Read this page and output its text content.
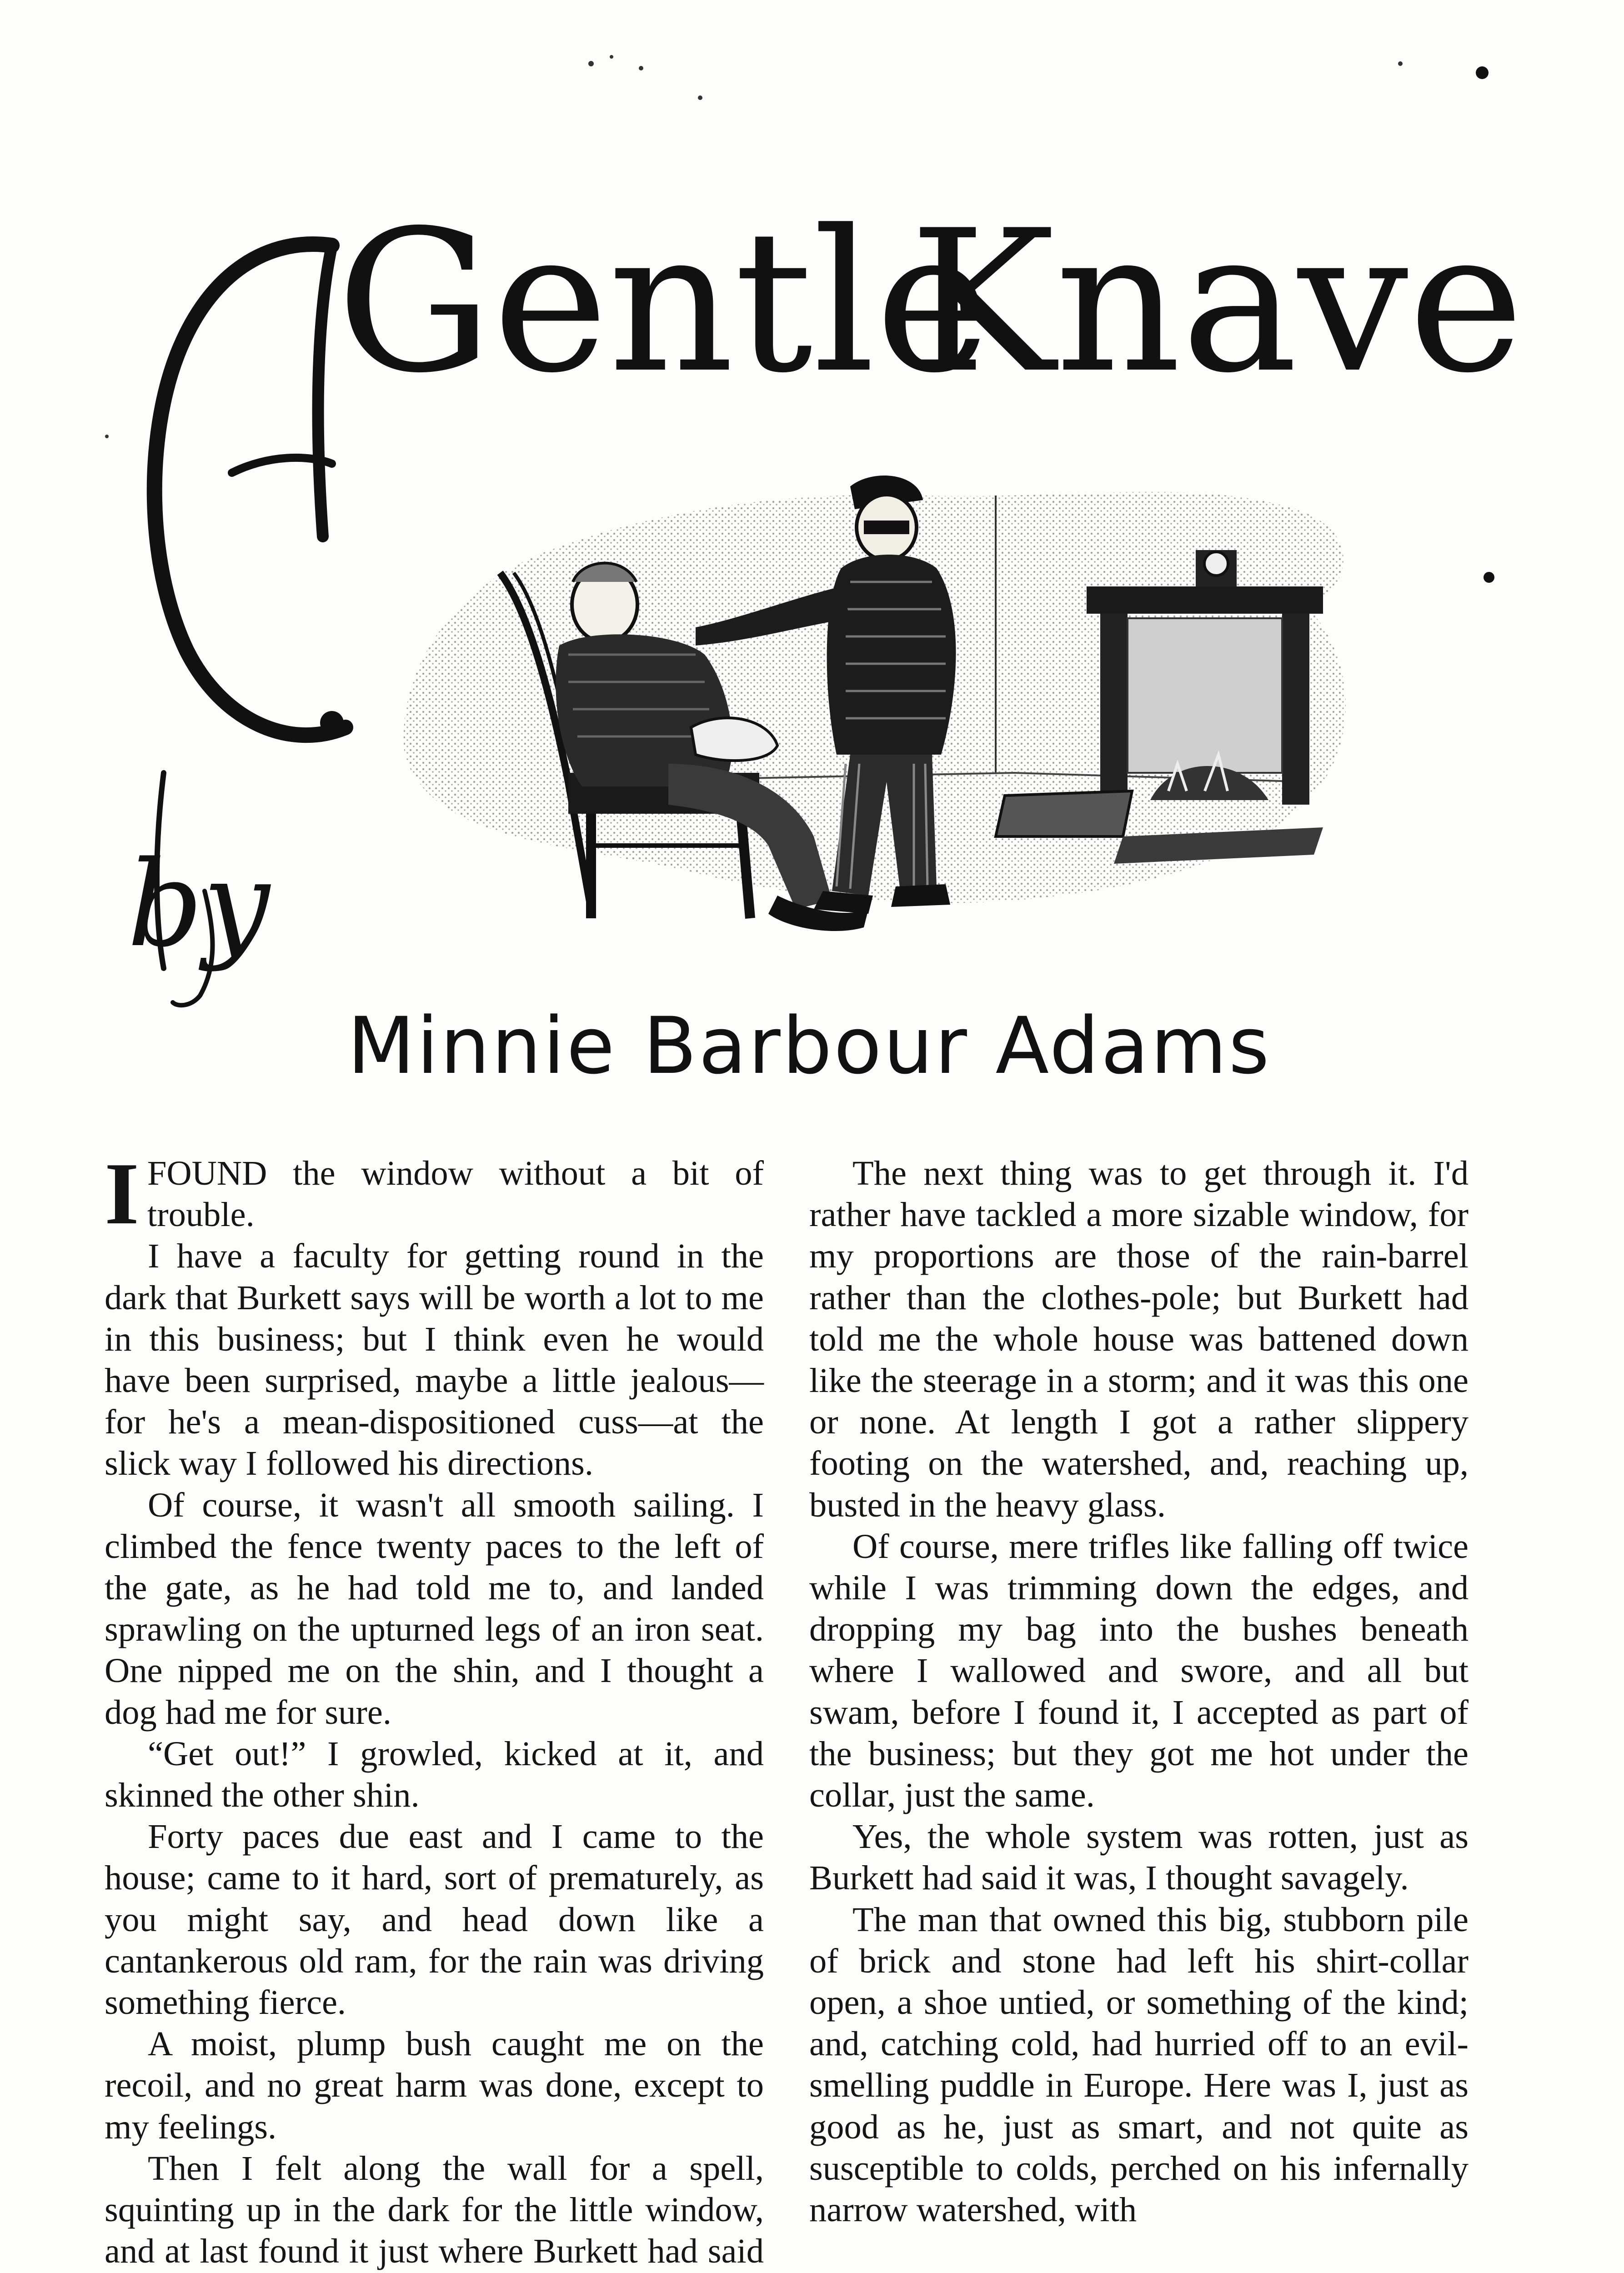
Gentle
Knave
by
Minnie Barbour Adams

IFOUND the window without a bit of trouble.

I have a faculty for getting round in the dark that Burkett says will be worth a lot to me in this business; but I think even he would have been surprised, maybe a little jealous—for he's a mean-dispositioned cuss—at the slick way I followed his directions.

Of course, it wasn't all smooth sailing. I climbed the fence twenty paces to the left of the gate, as he had told me to, and landed sprawling on the upturned legs of an iron seat. One nipped me on the shin, and I thought a dog had me for sure.

“Get out!” I growled, kicked at it, and skinned the other shin.

Forty paces due east and I came to the house; came to it hard, sort of prematurely, as you might say, and head down like a cantankerous old ram, for the rain was driving something fierce.

A moist, plump bush caught me on the recoil, and no great harm was done, except to my feelings.

Then I felt along the wall for a spell, squinting up in the dark for the little window, and at last found it just where Burkett had said

The next thing was to get through it. I'd rather have tackled a more sizable window, for my proportions are those of the rain-barrel rather than the clothes-pole; but Burkett had told me the whole house was battened down like the steerage in a storm; and it was this one or none. At length I got a rather slippery footing on the watershed, and, reaching up, busted in the heavy glass.

Of course, mere trifles like falling off twice while I was trimming down the edges, and dropping my bag into the bushes beneath where I wallowed and swore, and all but swam, before I found it, I accepted as part of the business; but they got me hot under the collar, just the same.

Yes, the whole system was rotten, just as Burkett had said it was, I thought savagely.

The man that owned this big, stubborn pile of brick and stone had left his shirt-collar open, a shoe untied, or something of the kind; and, catching cold, had hurried off to an evil-smelling puddle in Europe. Here was I, just as good as he, just as smart, and not quite as susceptible to colds, perched on his infernally narrow watershed, with
